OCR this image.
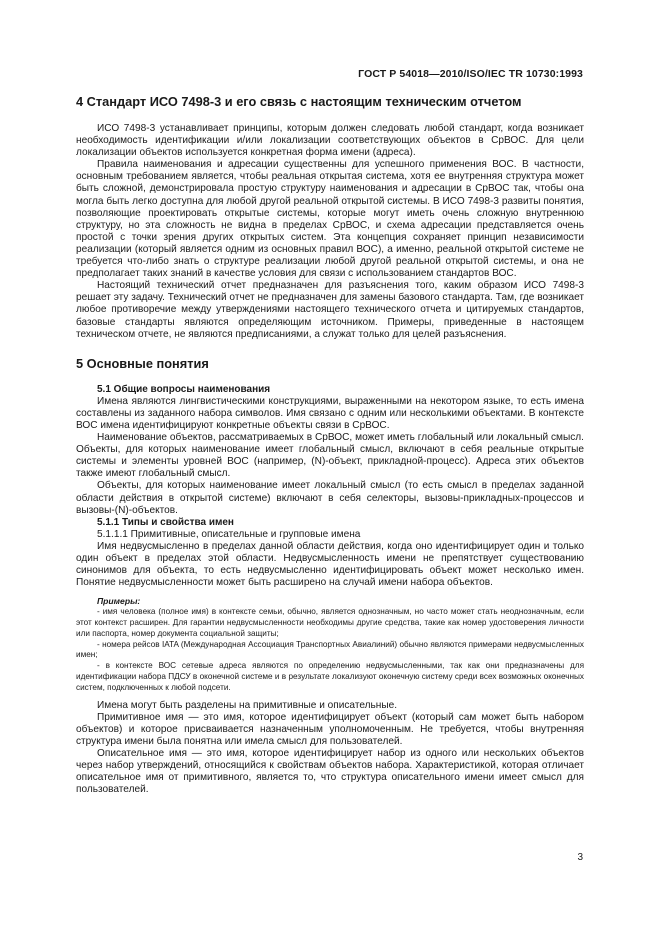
ГОСТ Р 54018—2010/ISO/IEC TR 10730:1993
4 Стандарт ИСО 7498-3 и его связь с настоящим техническим отчетом

ИСО 7498-3 устанавливает принципы, которым должен следовать любой стандарт, когда возникает необходимость идентификации и/или локализации соответствующих объектов в СрВОС. Для цели локализации объектов используется конкретная форма имени (адреса).

Правила наименования и адресации существенны для успешного применения ВОС. В частности, основным требованием является, чтобы реальная открытая система, хотя ее внутренняя структура может быть сложной, демонстрировала простую структуру наименования и адресации в СрВОС так, чтобы она могла быть легко доступна для любой другой реальной открытой системы. В ИСО 7498-3 развиты понятия, позволяющие проектировать открытые системы, которые могут иметь очень сложную внутреннюю структуру, но эта сложность не видна в пределах СрВОС, и схема адресации представляется очень простой с точки зрения других открытых систем. Эта концепция сохраняет принцип независимости реализации (который является одним из основных правил ВОС), а именно, реальной открытой системе не требуется что-либо знать о структуре реализации любой другой реальной открытой системы, и она не предполагает таких знаний в качестве условия для связи с использованием стандартов ВОС.

Настоящий технический отчет предназначен для разъяснения того, каким образом ИСО 7498-3 решает эту задачу. Технический отчет не предназначен для замены базового стандарта. Там, где возникает любое противоречие между утверждениями настоящего технического отчета и цитируемых стандартов, базовые стандарты являются определяющим источником. Примеры, приведенные в настоящем техническом отчете, не являются предписаниями, а служат только для целей разъяснения.

5 Основные понятия
5.1 Общие вопросы наименования

Имена являются лингвистическими конструкциями, выраженными на некотором языке, то есть имена составлены из заданного набора символов. Имя связано с одним или несколькими объектами. В контексте ВОС имена идентифицируют конкретные объекты связи в СрВОС.

Наименование объектов, рассматриваемых в СрВОС, может иметь глобальный или локальный смысл. Объекты, для которых наименование имеет глобальный смысл, включают в себя реальные открытые системы и элементы уровней ВОС (например, (N)-объект, прикладной-процесс). Адреса этих объектов также имеют глобальный смысл.

Объекты, для которых наименование имеет локальный смысл (то есть смысл в пределах заданной области действия в открытой системе) включают в себя селекторы, вызовы-прикладных-процессов и вызовы-(N)-объектов.

5.1.1 Типы и свойства имен

5.1.1.1 Примитивные, описательные и групповые имена

Имя недвусмысленно в пределах данной области действия, когда оно идентифицирует один и только один объект в пределах этой области. Недвусмысленность имени не препятствует существованию синонимов для объекта, то есть недвусмысленно идентифицировать объект может несколько имен. Понятие недвусмысленности может быть расширено на случай имени набора объектов.

Примеры:

- имя человека (полное имя) в контексте семьи, обычно, является однозначным, но часто может стать неоднозначным, если этот контекст расширен. Для гарантии недвусмысленности необходимы другие средства, такие как номер удостоверения личности или паспорта, номер документа социальной защиты;

- номера рейсов IATA (Международная Ассоциация Транспортных Авиалиний) обычно являются примерами недвусмысленных имен;

- в контексте ВОС сетевые адреса являются по определению недвусмысленными, так как они предназначены для идентификации набора ПДСУ в оконечной системе и в результате локализуют оконечную систему среди всех возможных оконечных систем, подключенных к любой подсети.

Имена могут быть разделены на примитивные и описательные.

Примитивное имя — это имя, которое идентифицирует объект (который сам может быть набором объектов) и которое присваивается назначенным уполномоченным. Не требуется, чтобы внутренняя структура имени была понятна или имела смысл для пользователей.

Описательное имя — это имя, которое идентифицирует набор из одного или нескольких объектов через набор утверждений, относящийся к свойствам объектов набора. Характеристикой, которая отличает описательное имя от примитивного, является то, что структура описательного имени имеет смысл для пользователей.

3
